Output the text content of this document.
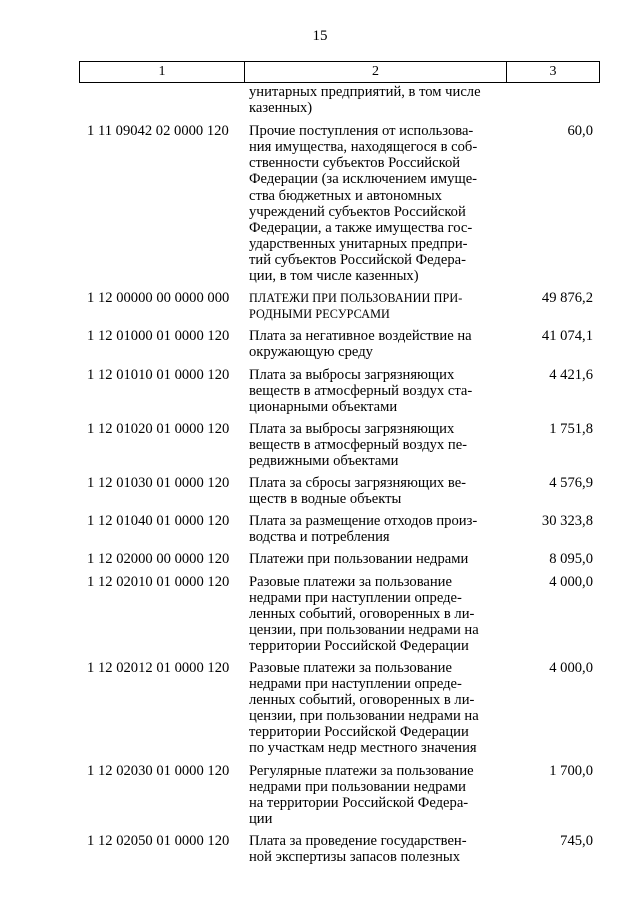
15
1	2	3
унитарных предприятий, в том числе
казенных)
1 11 09042 02 0000 120	Прочие поступления от использова-
ния имущества, находящегося в соб-
ственности субъектов Российской
Федерации (за исключением имуще-
ства бюджетных и автономных
учреждений субъектов Российской
Федерации, а также имущества гос-
ударственных унитарных предпри-
тий субъектов Российской Федера-
ции, в том числе казенных)
60,0
1 12 00000 00 0000 000	ПЛАТЕЖИ ПРИ ПОЛЬЗОВАНИИ ПРИ-
РОДНЫМИ РЕСУРСАМИ
49 876,2
1 12 01000 01 0000 120	Плата за негативное воздействие на
окружающую среду
41 074,1
1 12 01010 01 0000 120	Плата за выбросы загрязняющих
веществ в атмосферный воздух ста-
ционарными объектами
4 421,6
1 12 01020 01 0000 120	Плата за выбросы загрязняющих
веществ в атмосферный воздух пе-
редвижными объектами
1 751,8
1 12 01030 01 0000 120	Плата за сбросы загрязняющих ве-
ществ в водные объекты
4 576,9
1 12 01040 01 0000 120	Плата за размещение отходов произ-
водства и потребления
30 323,8
1 12 02000 00 0000 120	Платежи при пользовании недрами	8 095,0
1 12 02010 01 0000 120	Разовые платежи за пользование
недрами при наступлении опреде-
ленных событий, оговоренных в ли-
цензии, при пользовании недрами на
территории Российской Федерации
4 000,0
1 12 02012 01 0000 120	Разовые платежи за пользование
недрами при наступлении опреде-
ленных событий, оговоренных в ли-
цензии, при пользовании недрами на
территории Российской Федерации
по участкам недр местного значения
4 000,0
1 12 02030 01 0000 120	Регулярные платежи за пользование
недрами при пользовании недрами
на территории Российской Федера-
ции
1 700,0
1 12 02050 01 0000 120	Плата за проведение государствен-
ной экспертизы запасов полезных
745,0
